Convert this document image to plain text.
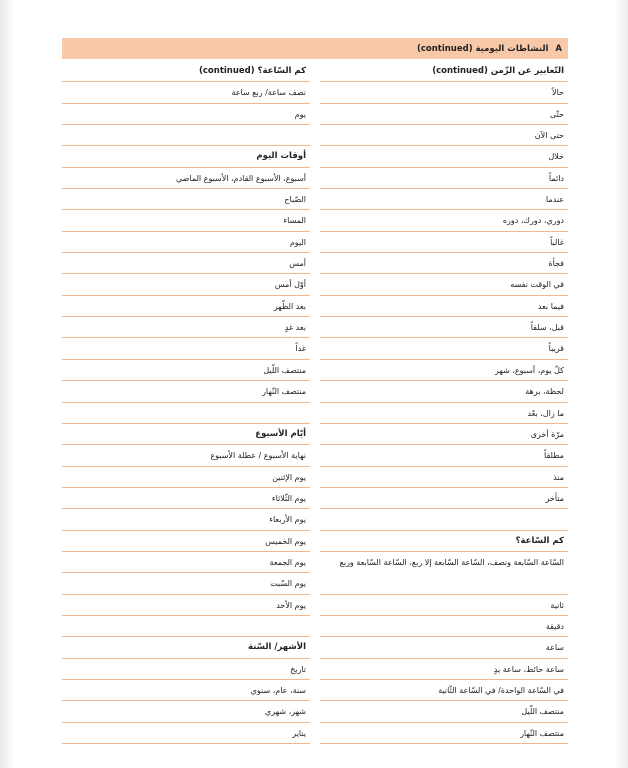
A النشاطات اليومية (continued)
التّعابير عن الزّمن (continued)
حالاً
حتّى
حتى الآن
خلال
دائماً
عندما
دوري، دورك، دوره
غالباً
فجأة
في الوقت نفسه
فيما بعد
قبل، سلفاً
قريباً
كلّ يوم، أسبوع، شهر
لحظة، برهة
ما زال، بعْد
مرّة أخرى
مطلقاً
منذ
متأخر
كم السّاعة؟
السّاعة السّابعة ونصف، السّاعة السّابعة إلا ربع، السّاعة السّابعة وربع
ثانية
دقيقة
ساعة
ساعة حائط، ساعة يدٍ
في السّاعة الواحدة/ في السّاعة الثّانية
منتصف اللّيل
منتصف النّهار
كم السّاعة؟ (continued)
نصف ساعة/ ربع ساعة
يوم
أوقات اليوم
أسبوع، الأسبوع القادم، الأسبوع الماضي
الصّباح
المساء
اليوم
أمس
أوّل أمس
بعد الظّهر
بعد غدٍ
غداً
منتصف اللّيل
منتصف النّهار
أيّام الأسبوع
نهاية الأسبوع / عطلة الأسبوع
يوم الإثنين
يوم الثّلاثاء
يوم الأربعاء
يوم الخميس
يوم الجمعة
يوم السّبت
يوم الأحد
الأشهر/ السّنة
تاريخ
سنة، عام، سنوي
شهر، شهري
يناير
